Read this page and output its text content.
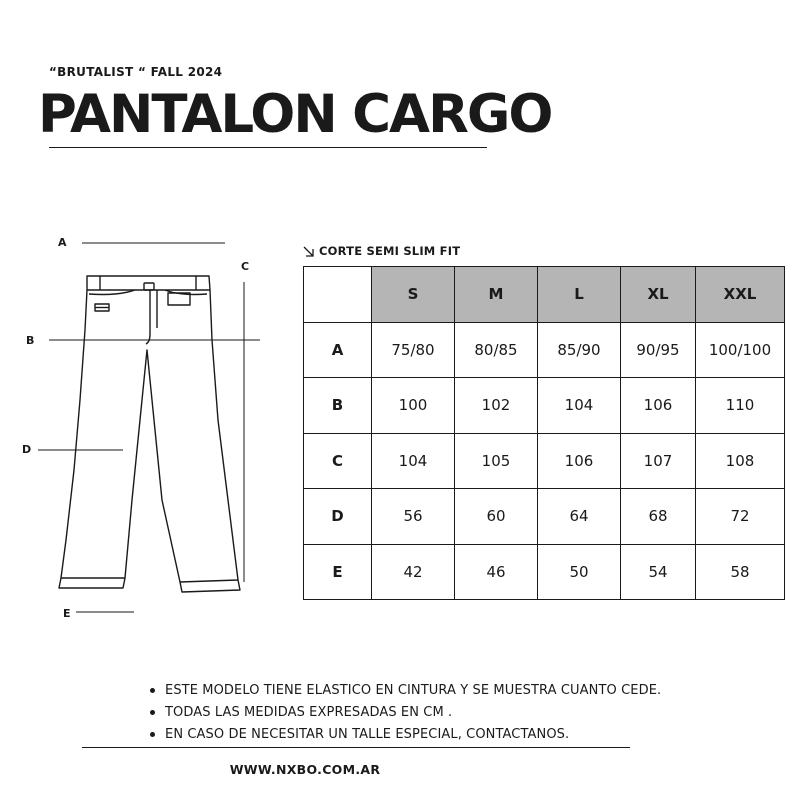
“BRUTALIST “ FALL 2024
PANTALON CARGO
A
B
C
D
E
CORTE SEMI SLIM FIT
	S	M	L	XL	XXL
A	75/80	80/85	85/90	90/95	100/100
B	100	102	104	106	110
C	104	105	106	107	108
D	56	60	64	68	72
E	42	46	50	54	58
ESTE MODELO TIENE ELASTICO EN CINTURA Y SE MUESTRA CUANTO CEDE.
TODAS LAS MEDIDAS EXPRESADAS EN CM .
EN CASO DE NECESITAR UN TALLE ESPECIAL, CONTACTANOS.
WWW.NXBO.COM.AR
